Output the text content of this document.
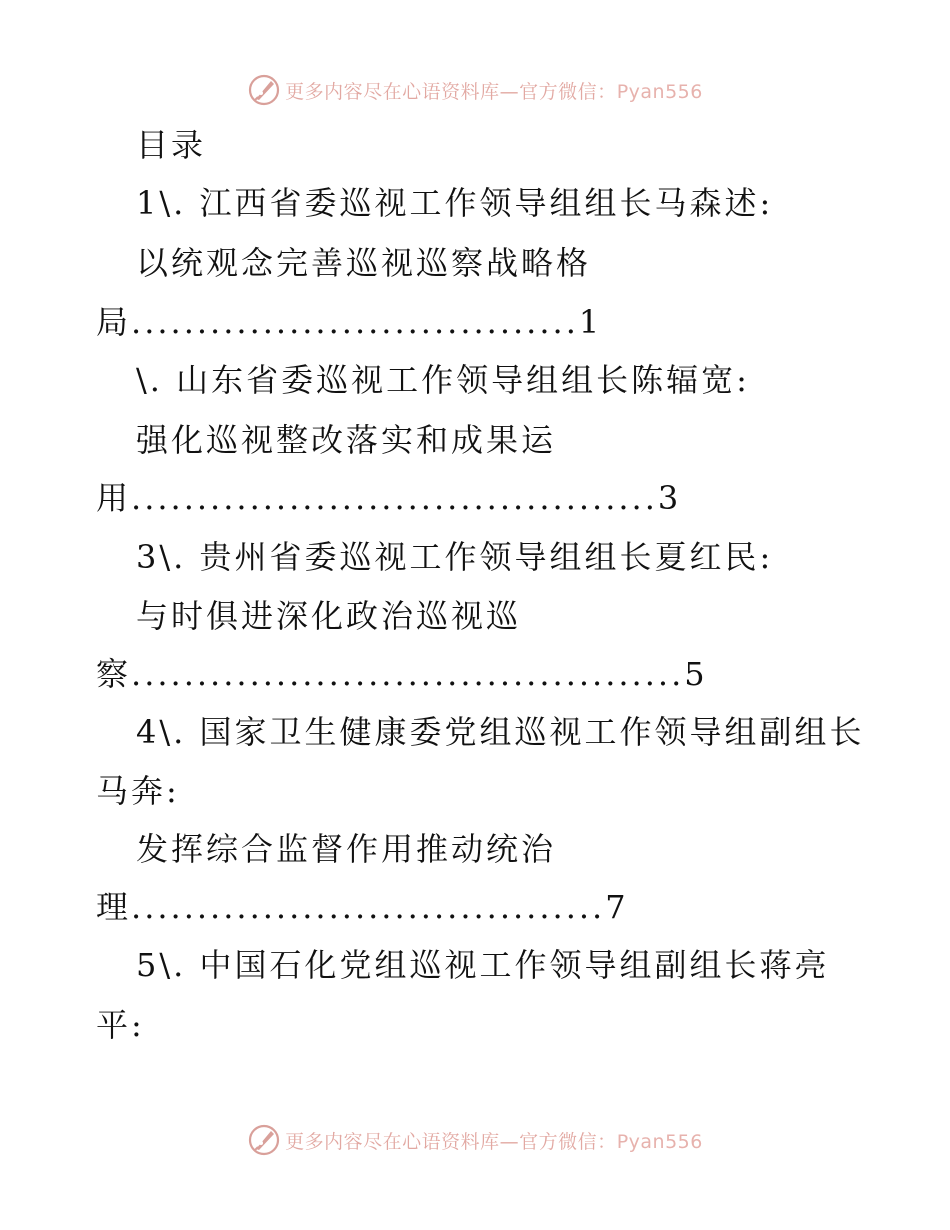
更多内容尽在心语资料库—官方微信：Pyan556
目录
1\. 江西省委巡视工作领导组组长马森述:
以统观念完善巡视巡察战略格
局..................................1
\. 山东省委巡视工作领导组组长陈辐宽:
强化巡视整改落实和成果运
用........................................3
3\. 贵州省委巡视工作领导组组长夏红民:
与时俱进深化政治巡视巡
察..........................................5
4\. 国家卫生健康委党组巡视工作领导组副组长
马奔:
发挥综合监督作用推动统治
理....................................7
5\. 中国石化党组巡视工作领导组副组长蒋亮
平:
更多内容尽在心语资料库—官方微信：Pyan556
